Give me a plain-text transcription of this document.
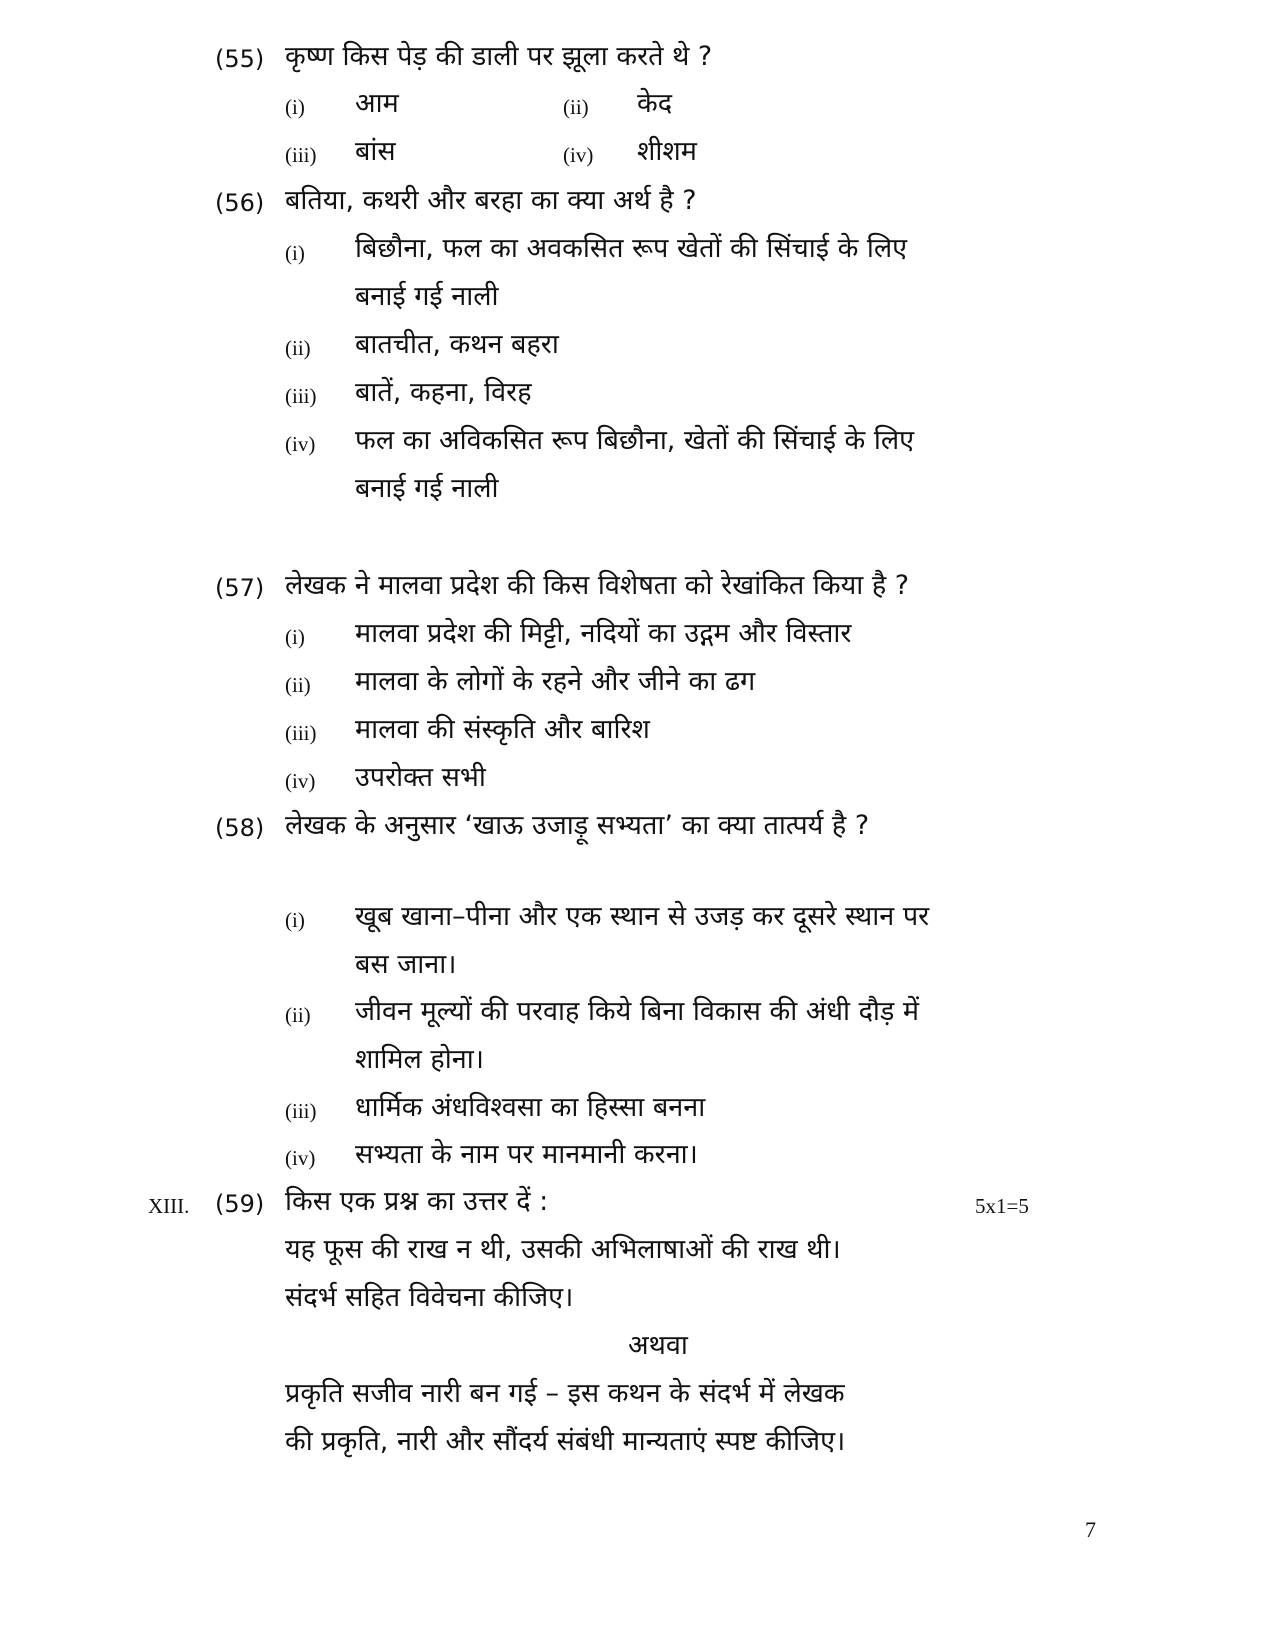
(55) कृष्ण किस पेड़ की डाली पर झूला करते थे ?
(i) आम	(ii) केद
(iii) बांस	(iv) शीशम
(56) बतिया, कथरी और बरहा का क्या अर्थ है ?
(i) बिछौना, फल का अवकसित रूप खेतों की सिंचाई के लिए
बनाई गई नाली
(ii) बातचीत, कथन बहरा
(iii) बातें, कहना, विरह
(iv) फल का अविकसित रूप बिछौना, खेतों की सिंचाई के लिए
बनाई गई नाली
(57) लेखक ने मालवा प्रदेश की किस विशेषता को रेखांकित किया है ?
(i) मालवा प्रदेश की मिट्टी, नदियों का उद्गम और विस्तार
(ii) मालवा के लोगों के रहने और जीने का ढग
(iii) मालवा की संस्कृति और बारिश
(iv) उपरोक्त सभी
(58) लेखक के अनुसार ‘खाऊ उजाड़ू सभ्यता’ का क्या तात्पर्य है ?
(i) खूब खाना–पीना और एक स्थान से उजड़ कर दूसरे स्थान पर
बस जाना।
(ii) जीवन मूल्यों की परवाह किये बिना विकास की अंधी दौड़ में
शामिल होना।
(iii) धार्मिक अंधविश्वसा का हिस्सा बनना
(iv) सभ्यता के नाम पर मानमानी करना।
XIII. (59) किस एक प्रश्न का उत्तर दें :	5x1=5
यह फूस की राख न थी, उसकी अभिलाषाओं की राख थी।
संदर्भ सहित विवेचना कीजिए।
अथवा
प्रकृति सजीव नारी बन गई – इस कथन के संदर्भ में लेखक
की प्रकृति, नारी और सौंदर्य संबंधी मान्यताएं स्पष्ट कीजिए।
7
